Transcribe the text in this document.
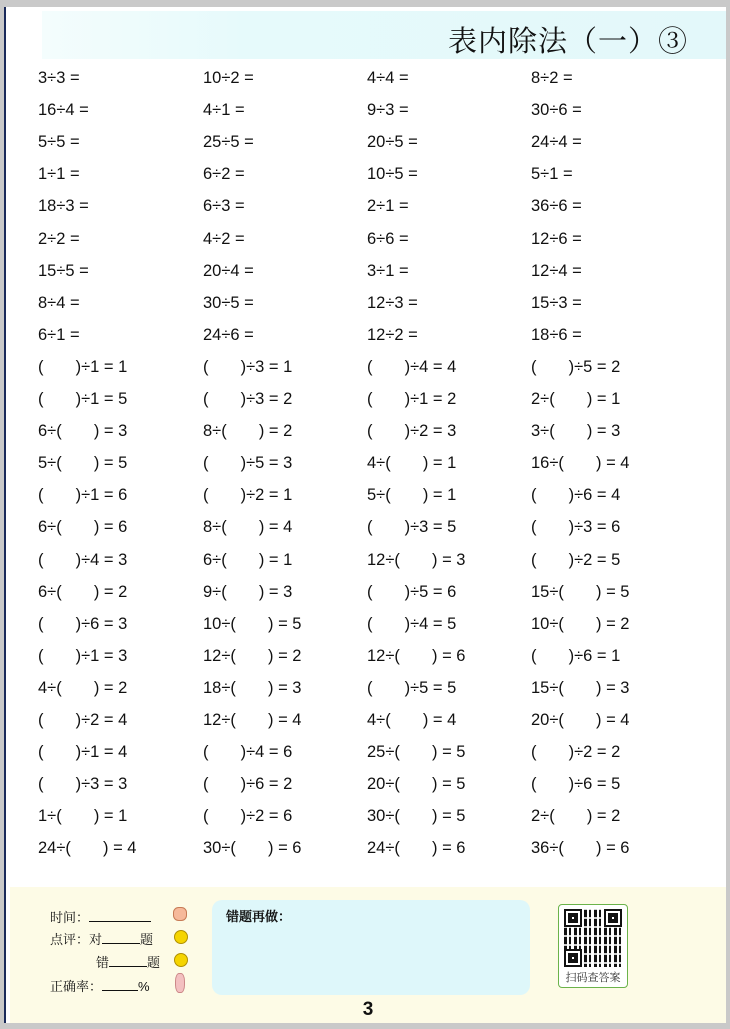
表内除法（一）③
3÷3 =	10÷2 =	4÷4 =	8÷2 =
16÷4 =	4÷1 =	9÷3 =	30÷6 =
5÷5 =	25÷5 =	20÷5 =	24÷4 =
1÷1 =	6÷2 =	10÷5 =	5÷1 =
18÷3 =	6÷3 =	2÷1 =	36÷6 =
2÷2 =	4÷2 =	6÷6 =	12÷6 =
15÷5 =	20÷4 =	3÷1 =	12÷4 =
8÷4 =	30÷5 =	12÷3 =	15÷3 =
6÷1 =	24÷6 =	12÷2 =	18÷6 =
(       )÷1 = 1	(       )÷3 = 1	(       )÷4 = 4	(       )÷5 = 2
(       )÷1 = 5	(       )÷3 = 2	(       )÷1 = 2	2÷(       ) = 1
6÷(       ) = 3	8÷(       ) = 2	(       )÷2 = 3	3÷(       ) = 3
5÷(       ) = 5	(       )÷5 = 3	4÷(       ) = 1	16÷(       ) = 4
(       )÷1 = 6	(       )÷2 = 1	5÷(       ) = 1	(       )÷6 = 4
6÷(       ) = 6	8÷(       ) = 4	(       )÷3 = 5	(       )÷3 = 6
(       )÷4 = 3	6÷(       ) = 1	12÷(       ) = 3	(       )÷2 = 5
6÷(       ) = 2	9÷(       ) = 3	(       )÷5 = 6	15÷(       ) = 5
(       )÷6 = 3	10÷(       ) = 5	(       )÷4 = 5	10÷(       ) = 2
(       )÷1 = 3	12÷(       ) = 2	12÷(       ) = 6	(       )÷6 = 1
4÷(       ) = 2	18÷(       ) = 3	(       )÷5 = 5	15÷(       ) = 3
(       )÷2 = 4	12÷(       ) = 4	4÷(       ) = 4	20÷(       ) = 4
(       )÷1 = 4	(       )÷4 = 6	25÷(       ) = 5	(       )÷2 = 2
(       )÷3 = 3	(       )÷6 = 2	20÷(       ) = 5	(       )÷6 = 5
1÷(       ) = 1	(       )÷2 = 6	30÷(       ) = 5	2÷(       ) = 2
24÷(       ) = 4	30÷(       ) = 6	24÷(       ) = 6	36÷(       ) = 6
时间：
点评：对	题
错	题
正确率：	%
错题再做：
扫码查答案
3
